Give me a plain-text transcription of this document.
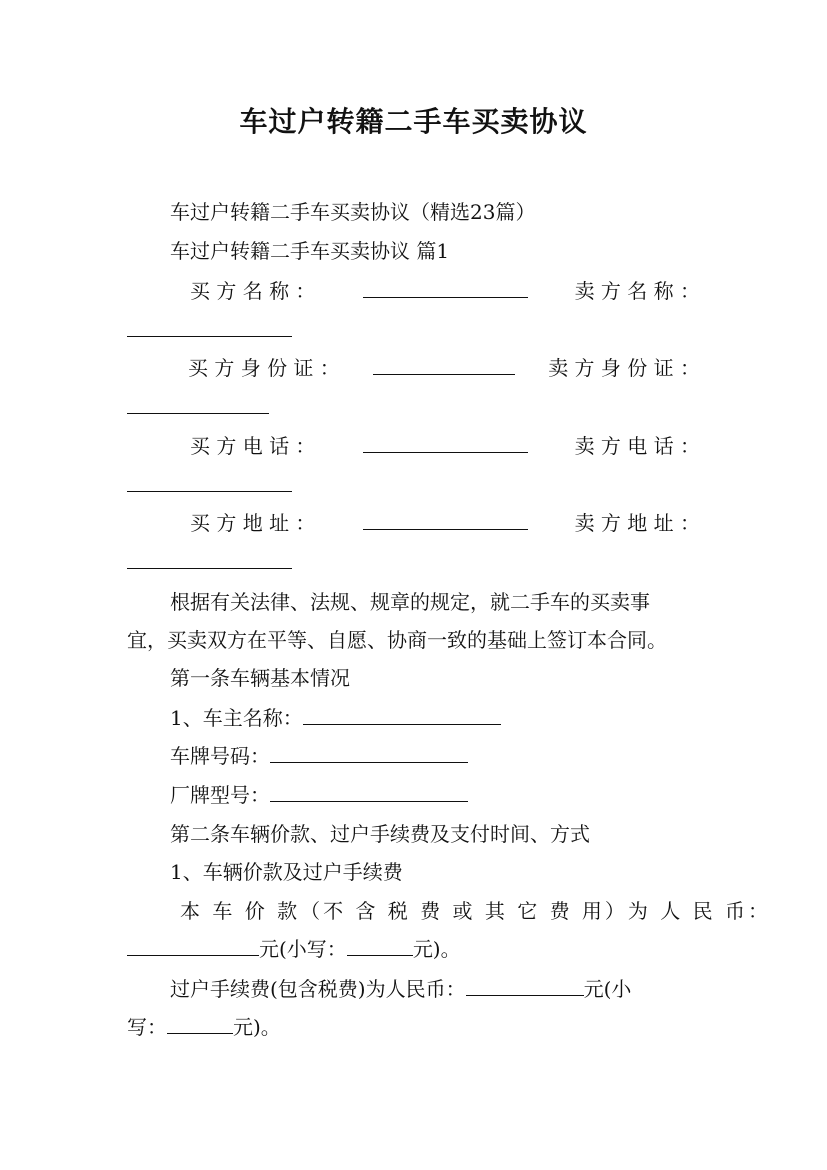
车过户转籍二手车买卖协议
车过户转籍二手车买卖协议（精选23篇）
车过户转籍二手车买卖协议 篇1
买 方 名 称 ：	卖 方 名 称 ：
买 方 身 份 证 ：	卖 方 身 份 证 ：
买 方 电 话 ：	卖 方 电 话 ：
买 方 地 址 ：	卖 方 地 址 ：
根据有关法律、法规、规章的规定，就二手车的买卖事
宜，买卖双方在平等、自愿、协商一致的基础上签订本合同。
第一条车辆基本情况
1、车主名称：
车牌号码：
厂牌型号：
第二条车辆价款、过户手续费及支付时间、方式
1、车辆价款及过户手续费
本 车 价 款（不 含 税 费 或 其 它 费 用）为 人 民 币：
元(小写：	元)。
过户手续费(包含税费)为人民币：	元(小
写：	元)。
